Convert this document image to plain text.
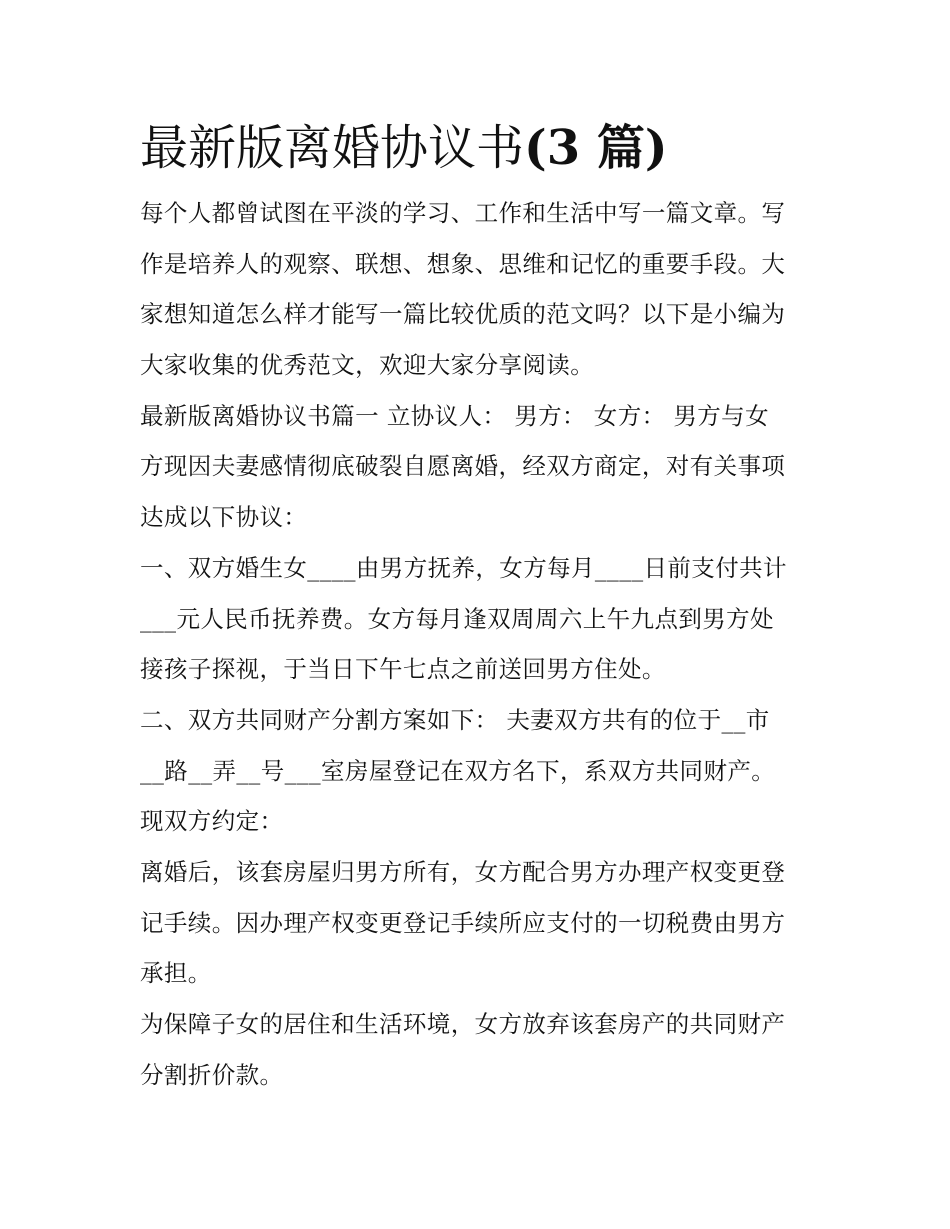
最新版离婚协议书(3 篇)

每个人都曾试图在平淡的学习、工作和生活中写一篇文章。写
作是培养人的观察、联想、想象、思维和记忆的重要手段。大
家想知道怎么样才能写一篇比较优质的范文吗？以下是小编为
大家收集的优秀范文，欢迎大家分享阅读。

最新版离婚协议书篇一 立协议人： 男方： 女方： 男方与女
方现因夫妻感情彻底破裂自愿离婚，经双方商定，对有关事项
达成以下协议：

一、双方婚生女____由男方抚养，女方每月____日前支付共计
___元人民币抚养费。女方每月逢双周周六上午九点到男方处
接孩子探视，于当日下午七点之前送回男方住处。

二、双方共同财产分割方案如下： 夫妻双方共有的位于__市
__路__弄__号___室房屋登记在双方名下，系双方共同财产。
现双方约定：

离婚后，该套房屋归男方所有，女方配合男方办理产权变更登
记手续。因办理产权变更登记手续所应支付的一切税费由男方
承担。

为保障子女的居住和生活环境，女方放弃该套房产的共同财产
分割折价款。
